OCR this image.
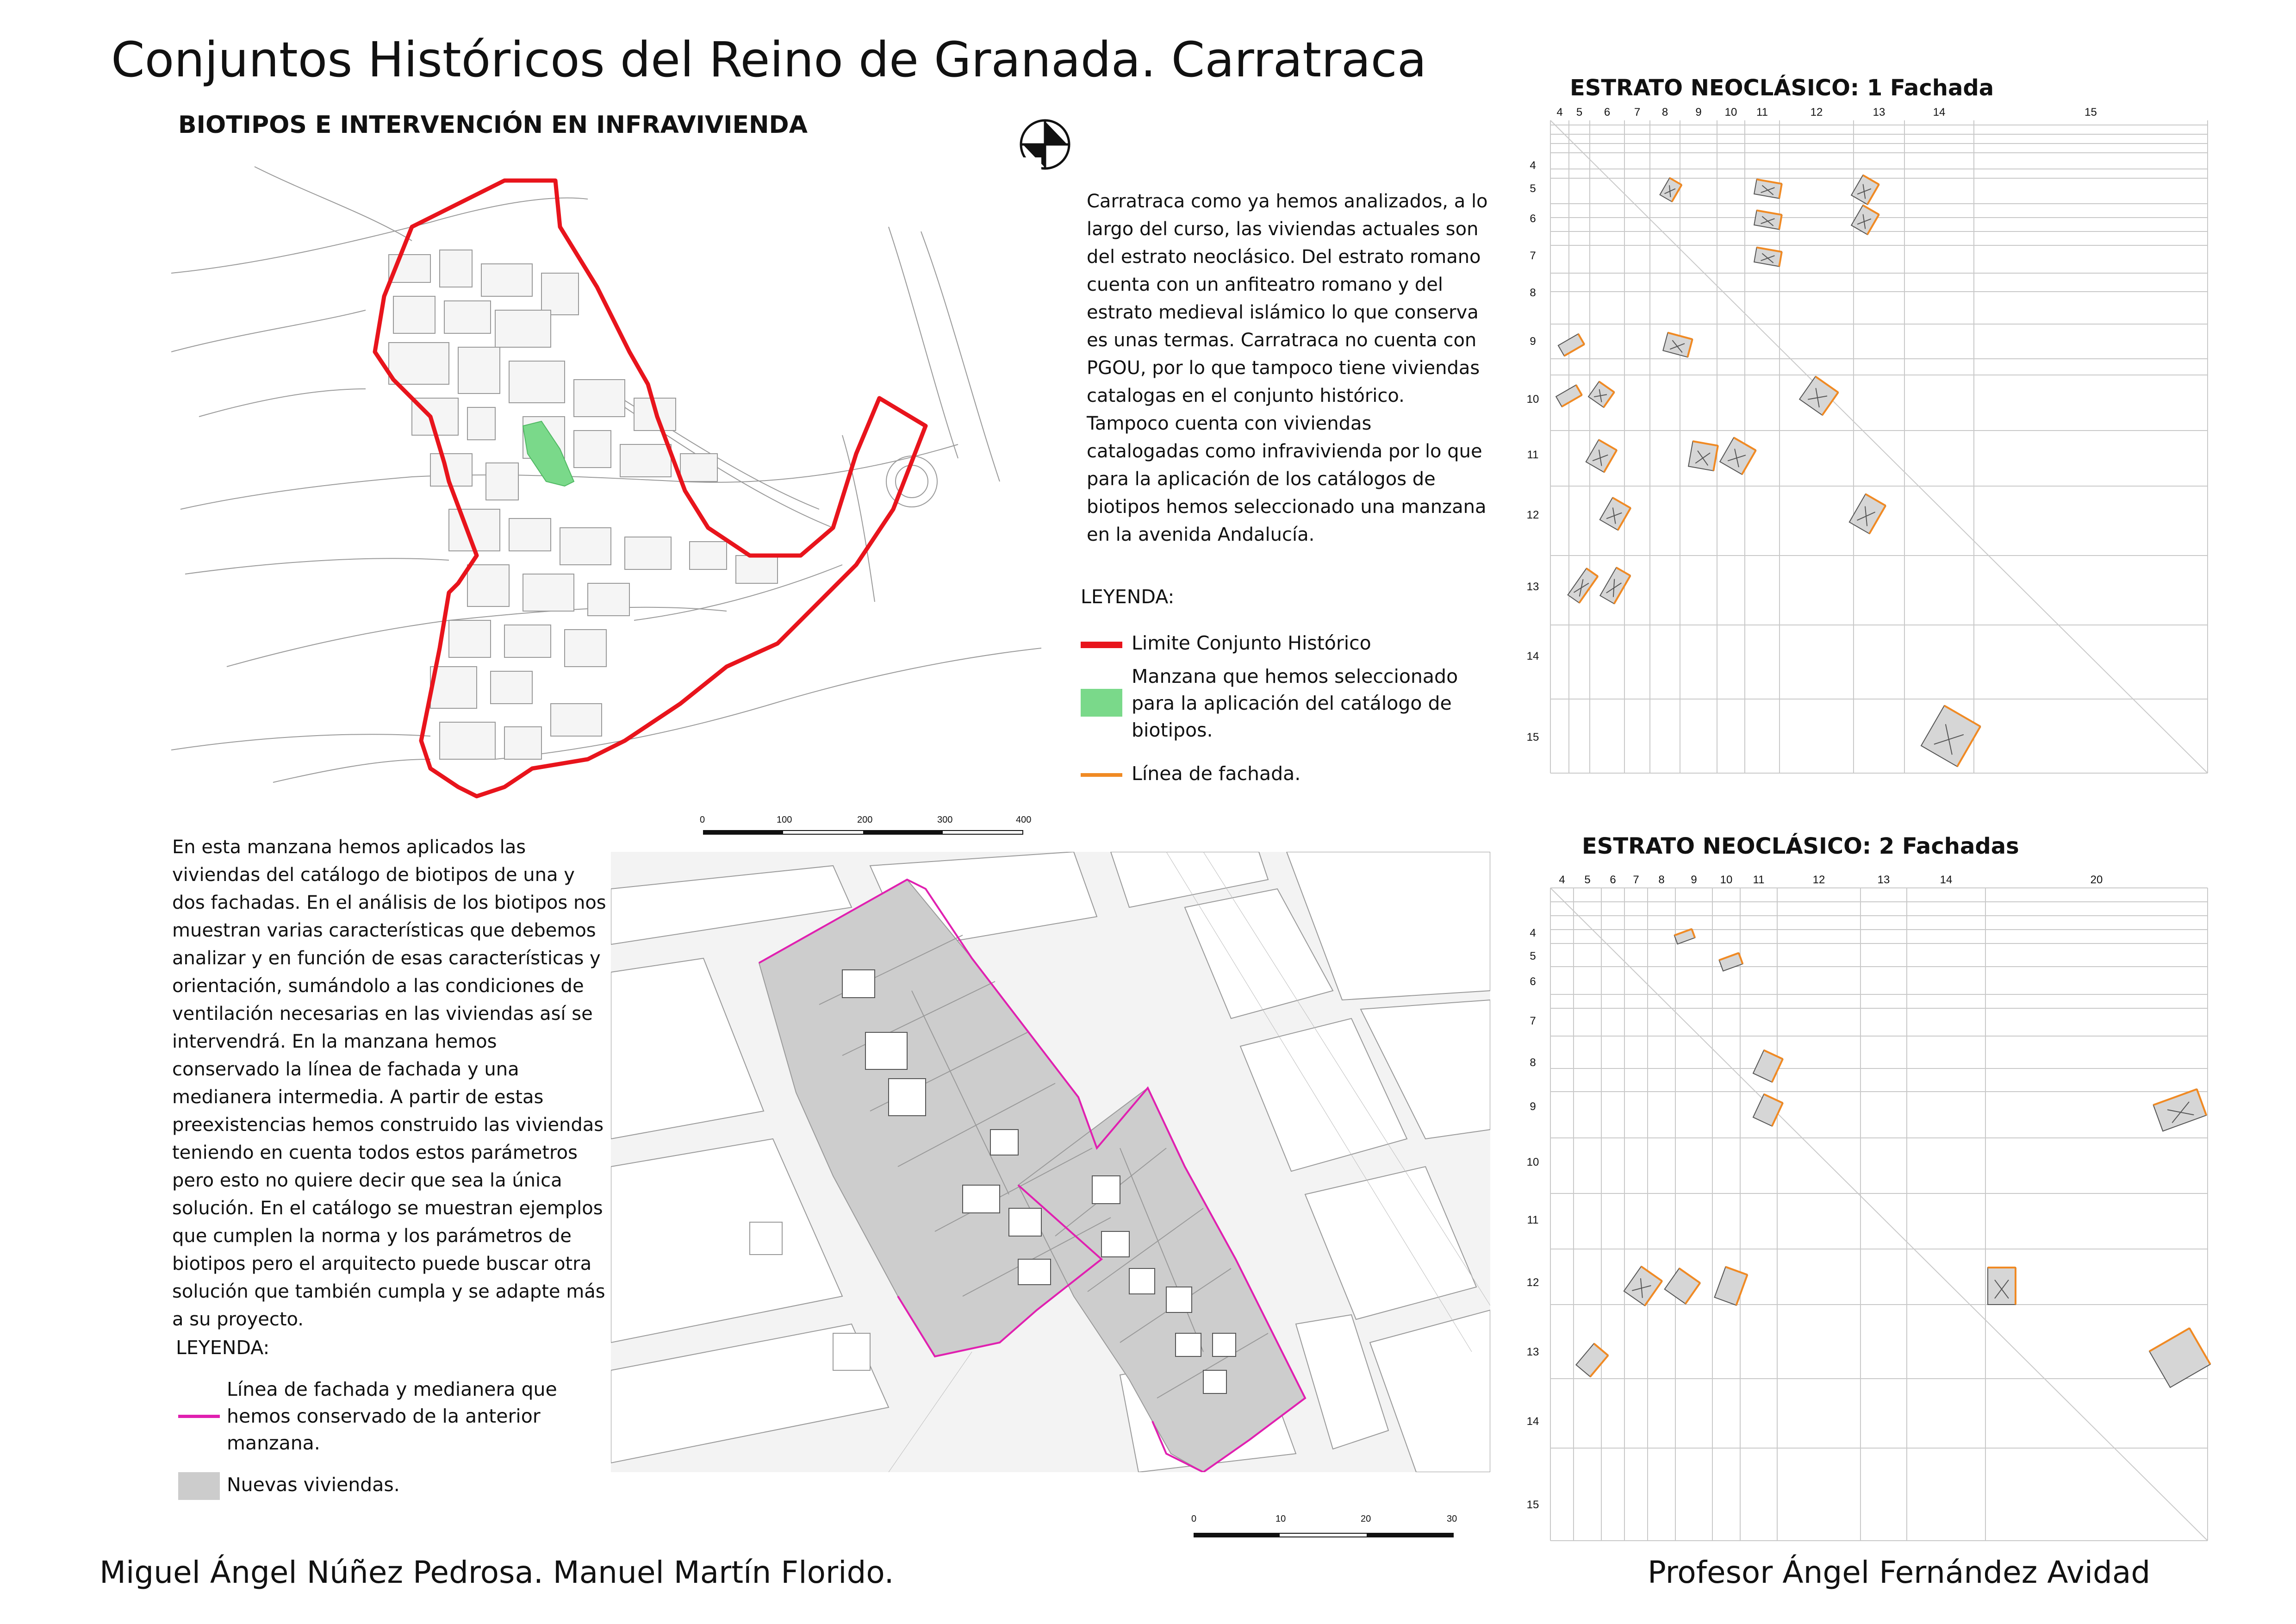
Conjuntos Históricos del Reino de Granada. Carratraca
BIOTIPOS E INTERVENCIÓN EN INFRAVIVIENDA
0	100	200	300	400
Carratraca como ya hemos analizados, a lo
largo del curso, las viviendas actuales son
del estrato neoclásico. Del estrato romano
cuenta con un anfiteatro romano y del
estrato medieval islámico lo que conserva
es unas termas. Carratraca no cuenta con
PGOU, por lo que tampoco tiene viviendas
catalogas en el conjunto histórico.
Tampoco cuenta con viviendas
catalogadas como infravivienda por lo que
para la aplicación de los catálogos de
biotipos hemos seleccionado una manzana
en la avenida Andalucía.
LEYENDA:
Limite Conjunto Histórico
Manzana que hemos seleccionado
para la aplicación del catálogo de
biotipos.
Línea de fachada.
En esta manzana hemos aplicados las
viviendas del catálogo de biotipos de una y
dos fachadas. En el análisis de los biotipos nos
muestran varias características que debemos
analizar y en función de esas características y
orientación, sumándolo a las condiciones de
ventilación necesarias en las viviendas así se
intervendrá. En la manzana hemos
conservado la línea de fachada y una
medianera intermedia. A partir de estas
preexistencias hemos construido las viviendas
teniendo en cuenta todos estos parámetros
pero esto no quiere decir que sea la única
solución. En el catálogo se muestran ejemplos
que cumplen la norma y los parámetros de
biotipos pero el arquitecto puede buscar otra
solución que también cumpla y se adapte más
a su proyecto.
LEYENDA:
Línea de fachada y medianera que
hemos conservado de la anterior
manzana.
Nuevas viviendas.
0	10	20	30
ESTRATO NEOCLÁSICO: 1 Fachada
4 5 6 7 8 9 10 11	12	13	14	15
4
5
6
7
8
9
10
11
12
13
14
15
ESTRATO NEOCLÁSICO: 2 Fachadas
4 5 6 7 8 9 10 11	12	13	14	20
4
5
6
7
8
9
10
11
12
13
14
15
Miguel Ángel Núñez Pedrosa. Manuel Martín Florido.	Profesor Ángel Fernández Avidad
